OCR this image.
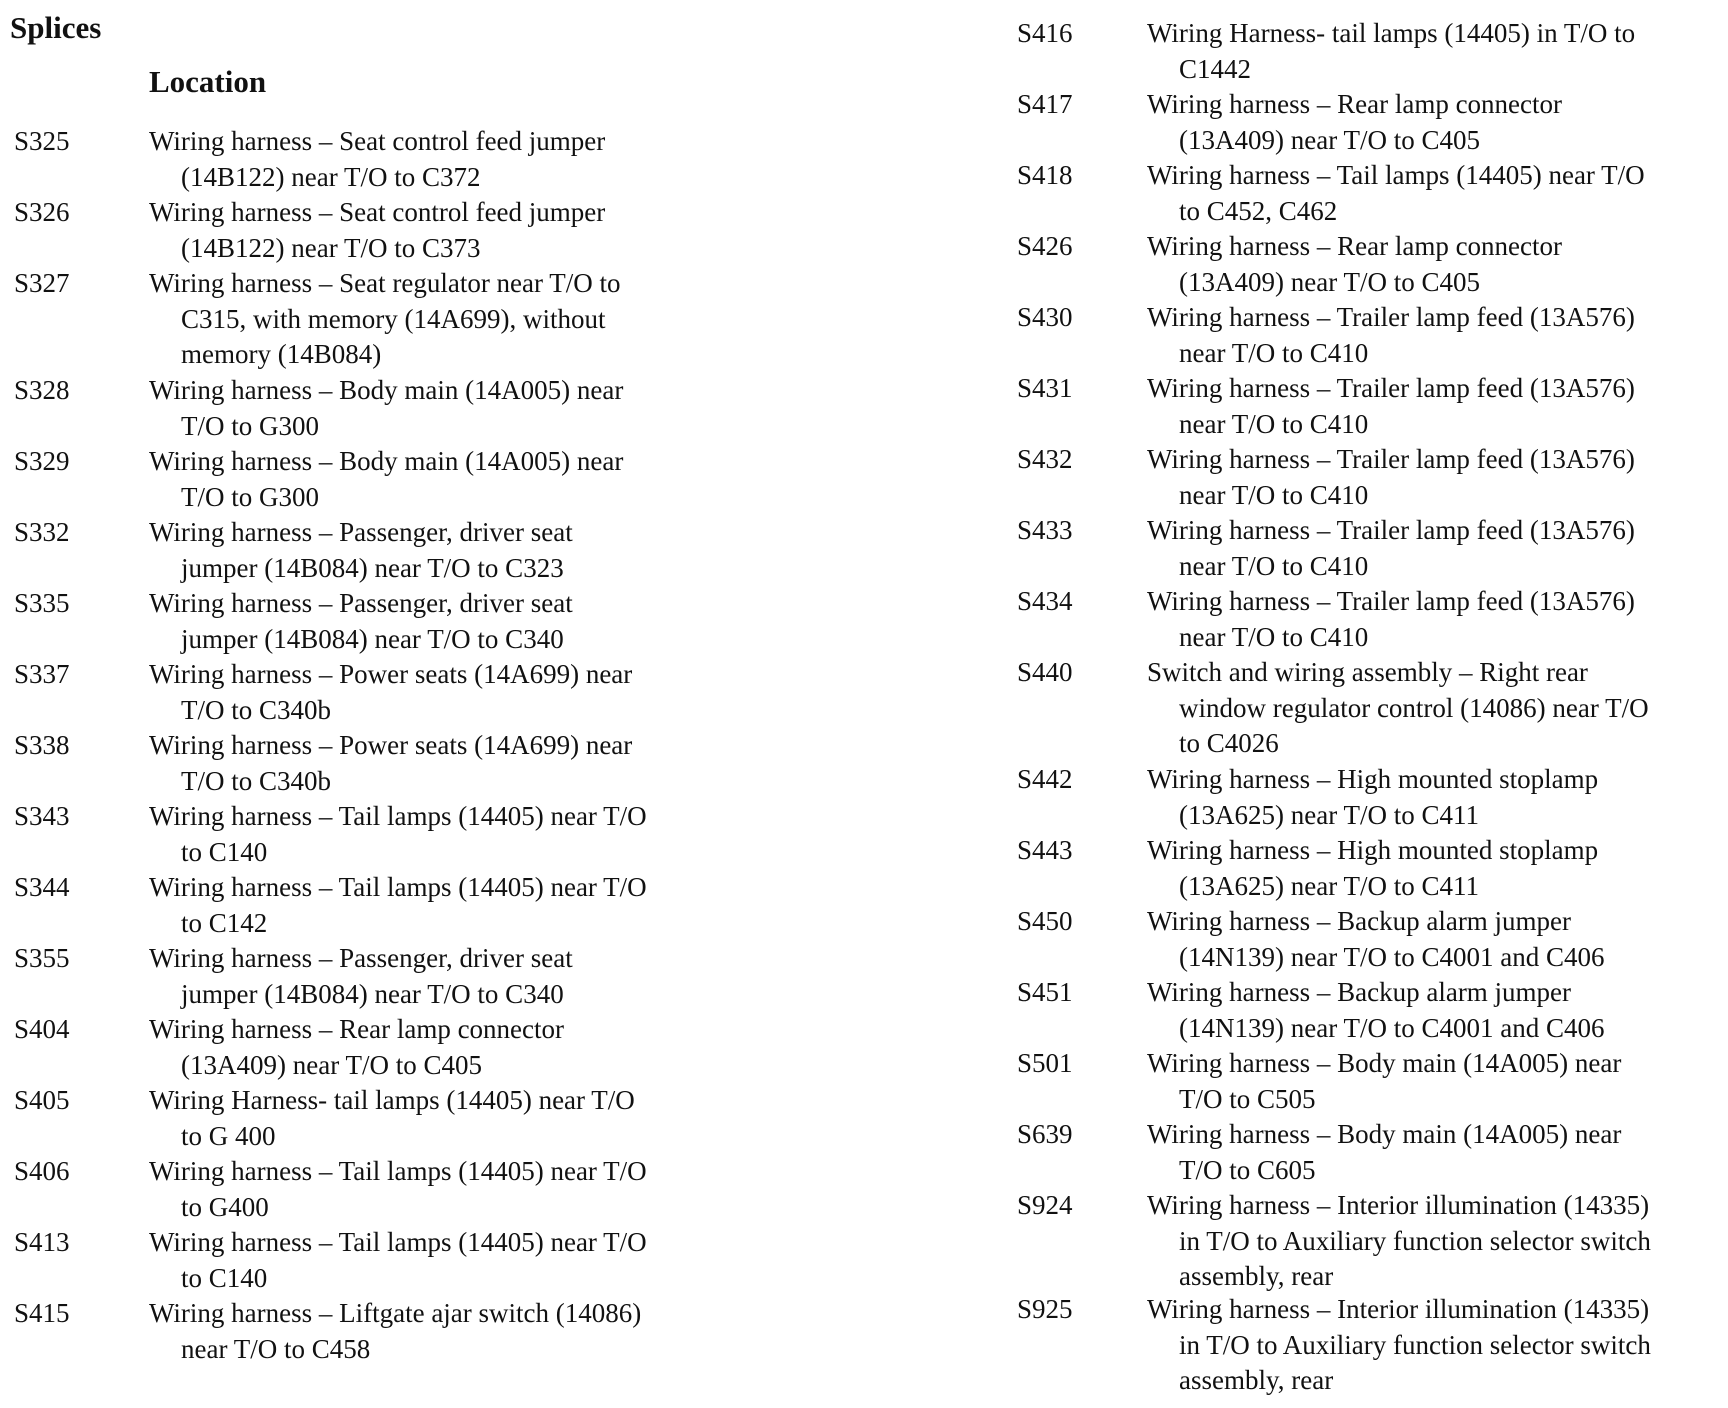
Splices
Location
S325	Wiring harness – Seat control feed jumper
(14B122) near T/O to C372
S326	Wiring harness – Seat control feed jumper
(14B122) near T/O to C373
S327	Wiring harness – Seat regulator near T/O to
C315, with memory (14A699), without
memory (14B084)
S328	Wiring harness – Body main (14A005) near
T/O to G300
S329	Wiring harness – Body main (14A005) near
T/O to G300
S332	Wiring harness – Passenger, driver seat
jumper (14B084) near T/O to C323
S335	Wiring harness – Passenger, driver seat
jumper (14B084) near T/O to C340
S337	Wiring harness – Power seats (14A699) near
T/O to C340b
S338	Wiring harness – Power seats (14A699) near
T/O to C340b
S343	Wiring harness – Tail lamps (14405) near T/O
to C140
S344	Wiring harness – Tail lamps (14405) near T/O
to C142
S355	Wiring harness – Passenger, driver seat
jumper (14B084) near T/O to C340
S404	Wiring harness – Rear lamp connector
(13A409) near T/O to C405
S405	Wiring Harness- tail lamps (14405) near T/O
to G 400
S406	Wiring harness – Tail lamps (14405) near T/O
to G400
S413	Wiring harness – Tail lamps (14405) near T/O
to C140
S415	Wiring harness – Liftgate ajar switch (14086)
near T/O to C458
S416	Wiring Harness- tail lamps (14405) in T/O to
C1442
S417	Wiring harness – Rear lamp connector
(13A409) near T/O to C405
S418	Wiring harness – Tail lamps (14405) near T/O
to C452, C462
S426	Wiring harness – Rear lamp connector
(13A409) near T/O to C405
S430	Wiring harness – Trailer lamp feed (13A576)
near T/O to C410
S431	Wiring harness – Trailer lamp feed (13A576)
near T/O to C410
S432	Wiring harness – Trailer lamp feed (13A576)
near T/O to C410
S433	Wiring harness – Trailer lamp feed (13A576)
near T/O to C410
S434	Wiring harness – Trailer lamp feed (13A576)
near T/O to C410
S440	Switch and wiring assembly – Right rear
window regulator control (14086) near T/O
to C4026
S442	Wiring harness – High mounted stoplamp
(13A625) near T/O to C411
S443	Wiring harness – High mounted stoplamp
(13A625) near T/O to C411
S450	Wiring harness – Backup alarm jumper
(14N139) near T/O to C4001 and C406
S451	Wiring harness – Backup alarm jumper
(14N139) near T/O to C4001 and C406
S501	Wiring harness – Body main (14A005) near
T/O to C505
S639	Wiring harness – Body main (14A005) near
T/O to C605
S924	Wiring harness – Interior illumination (14335)
in T/O to Auxiliary function selector switch
assembly, rear
S925	Wiring harness – Interior illumination (14335)
in T/O to Auxiliary function selector switch
assembly, rear
